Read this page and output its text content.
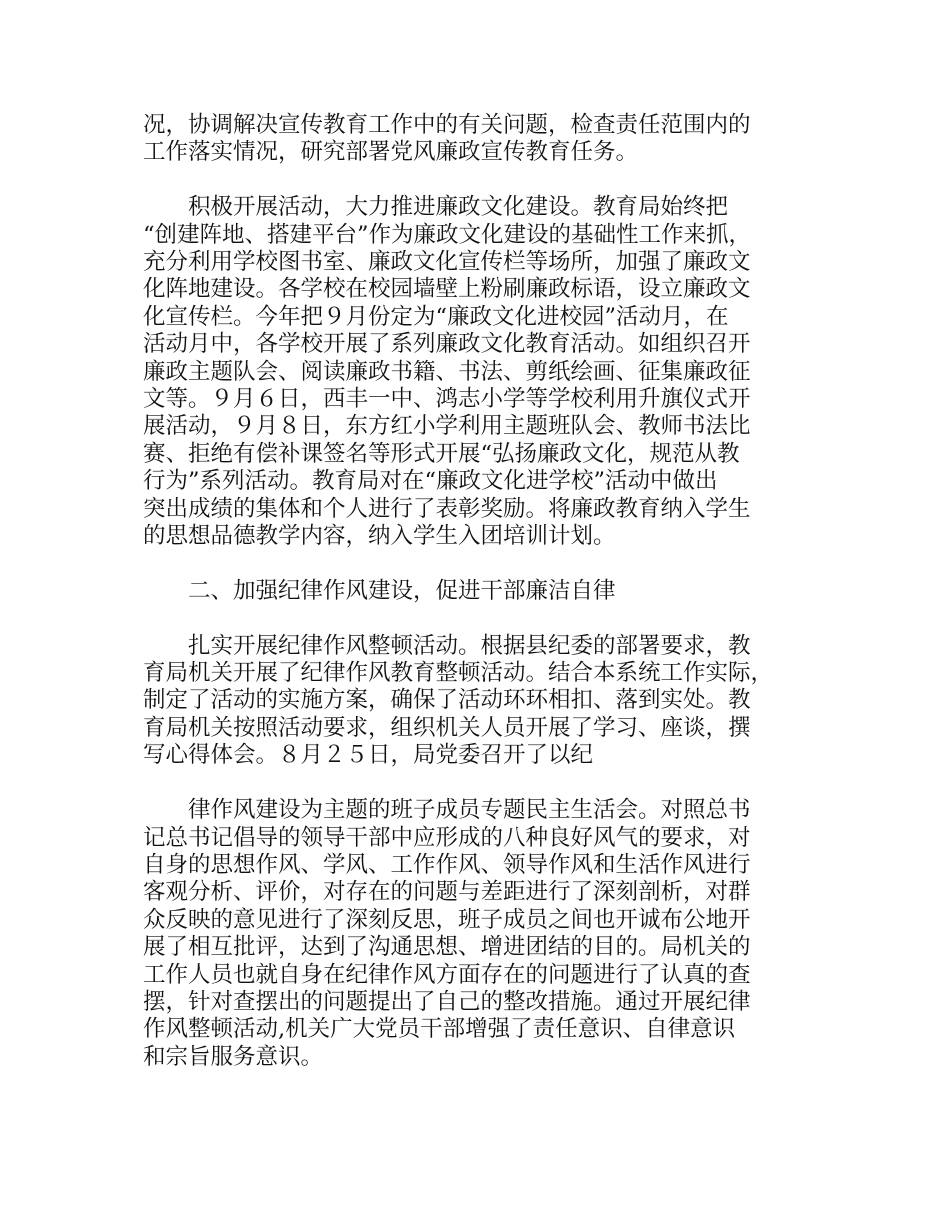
况，协调解决宣传教育工作中的有关问题，检查责任范围内的
工作落实情况，研究部署党风廉政宣传教育任务。

　　积极开展活动，大力推进廉政文化建设。教育局始终把
“创建阵地、搭建平台”作为廉政文化建设的基础性工作来抓，
充分利用学校图书室、廉政文化宣传栏等场所，加强了廉政文
化阵地建设。各学校在校园墙壁上粉刷廉政标语，设立廉政文
化宣传栏。今年把９月份定为“廉政文化进校园”活动月，在
活动月中，各学校开展了系列廉政文化教育活动。如组织召开
廉政主题队会、阅读廉政书籍、书法、剪纸绘画、征集廉政征
文等。９月６日，西丰一中、鸿志小学等学校利用升旗仪式开
展活动，９月８日，东方红小学利用主题班队会、教师书法比
赛、拒绝有偿补课签名等形式开展“弘扬廉政文化，规范从教
行为”系列活动。教育局对在“廉政文化进学校”活动中做出
突出成绩的集体和个人进行了表彰奖励。将廉政教育纳入学生
的思想品德教学内容，纳入学生入团培训计划。

　　二、加强纪律作风建设，促进干部廉洁自律

　　扎实开展纪律作风整顿活动。根据县纪委的部署要求，教
育局机关开展了纪律作风教育整顿活动。结合本系统工作实际，
制定了活动的实施方案，确保了活动环环相扣、落到实处。教
育局机关按照活动要求，组织机关人员开展了学习、座谈，撰
写心得体会。８月２５日，局党委召开了以纪

　　律作风建设为主题的班子成员专题民主生活会。对照总书
记总书记倡导的领导干部中应形成的八种良好风气的要求，对
自身的思想作风、学风、工作作风、领导作风和生活作风进行
客观分析、评价，对存在的问题与差距进行了深刻剖析，对群
众反映的意见进行了深刻反思，班子成员之间也开诚布公地开
展了相互批评，达到了沟通思想、增进团结的目的。局机关的
工作人员也就自身在纪律作风方面存在的问题进行了认真的查
摆，针对查摆出的问题提出了自己的整改措施。通过开展纪律
作风整顿活动,机关广大党员干部增强了责任意识、自律意识
和宗旨服务意识。
